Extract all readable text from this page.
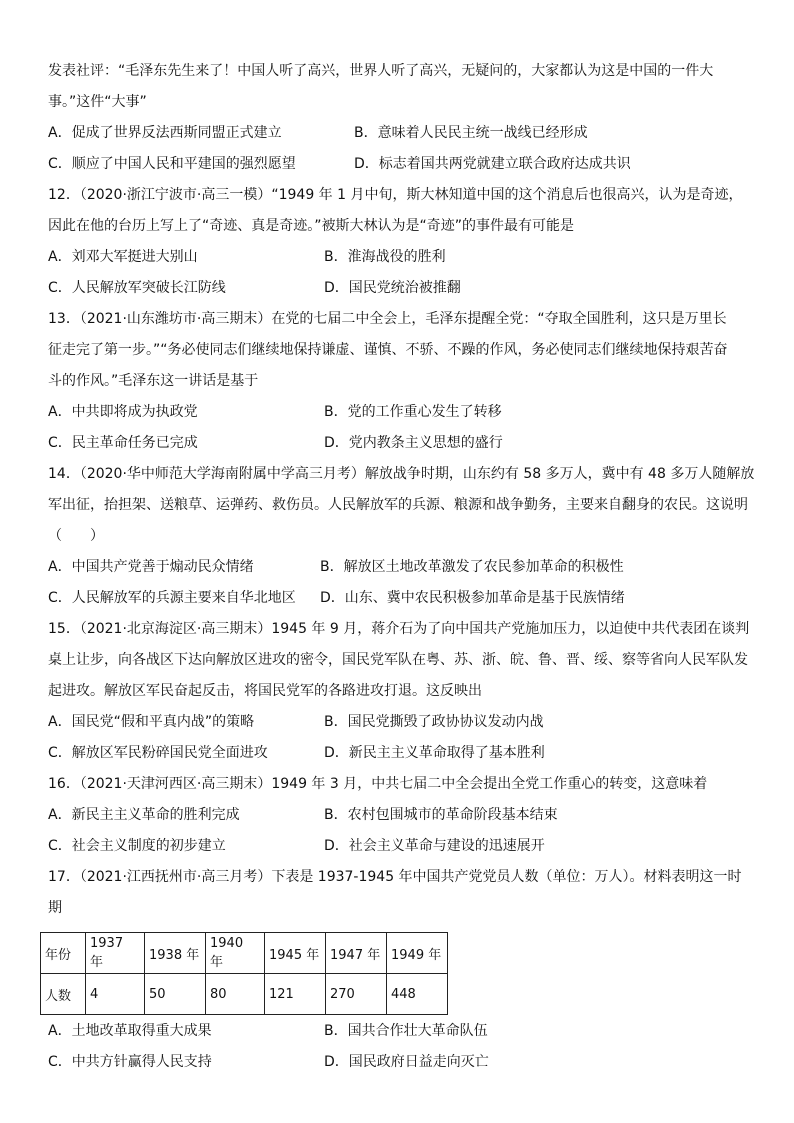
发表社评：“毛泽东先生来了！中国人听了高兴，世界人听了高兴，无疑问的，大家都认为这是中国的一件大
事。”这件“大事”
A．促成了世界反法西斯同盟正式建立	B．意味着人民民主统一战线已经形成
C．顺应了中国人民和平建国的强烈愿望	D．标志着国共两党就建立联合政府达成共识
12．（2020·浙江宁波市·高三一模）“1949 年 1 月中旬，斯大林知道中国的这个消息后也很高兴，认为是奇迹，
因此在他的台历上写上了“奇迹、真是奇迹。”被斯大林认为是“奇迹”的事件最有可能是
A．刘邓大军挺进大别山	B．淮海战役的胜利
C．人民解放军突破长江防线	D．国民党统治被推翻
13．（2021·山东潍坊市·高三期末）在党的七届二中全会上，毛泽东提醒全党：“夺取全国胜利，这只是万里长
征走完了第一步。”“务必使同志们继续地保持谦虚、谨慎、不骄、不躁的作风，务必使同志们继续地保持艰苦奋
斗的作风。”毛泽东这一讲话是基于
A．中共即将成为执政党	B．党的工作重心发生了转移
C．民主革命任务已完成	D．党内教条主义思想的盛行
14．（2020·华中师范大学海南附属中学高三月考）解放战争时期，山东约有 58 多万人，冀中有 48 多万人随解放
军出征，抬担架、送粮草、运弹药、救伤员。人民解放军的兵源、粮源和战争勤务，主要来自翻身的农民。这说明
（　　）
A．中国共产党善于煽动民众情绪	B．解放区土地改革激发了农民参加革命的积极性
C．人民解放军的兵源主要来自华北地区 D．山东、冀中农民积极参加革命是基于民族情绪
15．（2021·北京海淀区·高三期末）1945 年 9 月，蒋介石为了向中国共产党施加压力，以迫使中共代表团在谈判
桌上让步，向各战区下达向解放区进攻的密令，国民党军队在粤、苏、浙、皖、鲁、晋、绥、察等省向人民军队发
起进攻。解放区军民奋起反击，将国民党军的各路进攻打退。这反映出
A．国民党“假和平真内战”的策略	B．国民党撕毁了政协协议发动内战
C．解放区军民粉碎国民党全面进攻	D．新民主主义革命取得了基本胜利
16．（2021·天津河西区·高三期末）1949 年 3 月，中共七届二中全会提出全党工作重心的转变，这意味着
A．新民主主义革命的胜利完成	B．农村包围城市的革命阶段基本结束
C．社会主义制度的初步建立	D．社会主义革命与建设的迅速展开
17．（2021·江西抚州市·高三月考）下表是 1937-1945 年中国共产党党员人数（单位：万人）。材料表明这一时
期
年份	1937 年	1938 年	1940 年	1945 年	1947 年	1949 年
人数	4	50	80	121	270	448
A．土地改革取得重大成果	B．国共合作壮大革命队伍
C．中共方针赢得人民支持	D．国民政府日益走向灭亡
